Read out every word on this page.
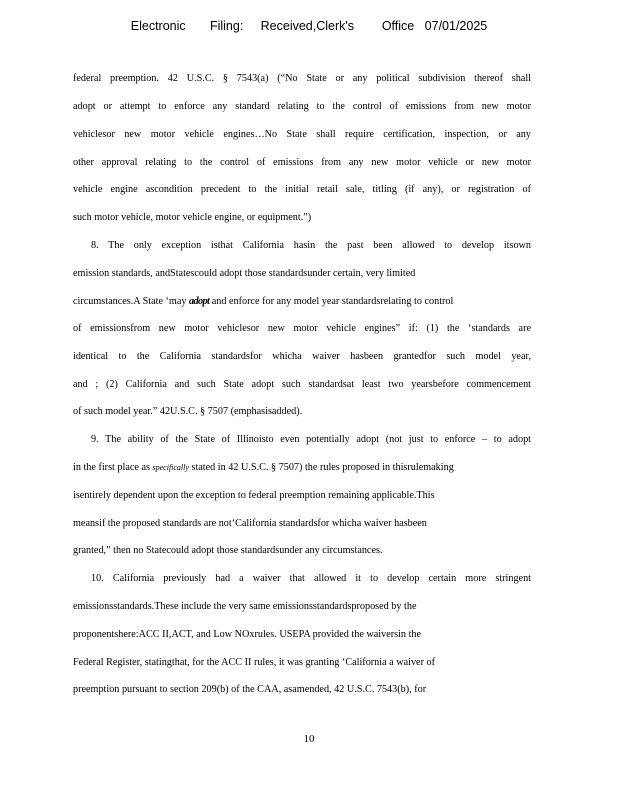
Electronic       Filing:     Received,Clerk's        Office   07/01/2025
federal preemption. 42 U.S.C. § 7543(a) (“No State or any political subdivision thereof shall
adopt or attempt to enforce any standard relating to the control of emissions from new motor
vehiclesor new motor vehicle engines…No State shall require certification, inspection, or any
other approval relating to the control of emissions from any new motor vehicle or new motor
vehicle engine ascondition precedent to the initial retail sale, titling (if any), or registration of
such motor vehicle, motor vehicle engine, or equipment.”)
8. The only exception isthat California hasin the past been allowed to develop itsown
emission standards, andStatescould adopt those standardsunder certain, very limited
circumstances.A State ‘may adopt and enforce for any model year standardsrelating to control
of emissionsfrom new motor vehiclesor new motor vehicle engines” if: (1) the ‘standards are
identical to the California standardsfor whicha waiver hasbeen grantedfor such model year,
and ; (2) California and such State adopt such standardsat least two yearsbefore commencement
of such model year.” 42U.S.C. § 7507 (emphasisadded).
9. The ability of the State of Illinoisto even potentially adopt (not just to enforce – to adopt
in the first place as specifically stated in 42 U.S.C. § 7507) the rules proposed in thisrulemaking
isentirely dependent upon the exception to federal preemption remaining applicable.This
meansif the proposed standards are not‘California standardsfor whicha waiver hasbeen
granted,” then no Statecould adopt those standardsunder any circumstances.
10. California previously had a waiver that allowed it to develop certain more stringent
emissionsstandards.These include the very same emissionsstandardsproposed by the
proponentshere:ACC II,ACT, and Low NOxrules. USEPA provided the waiversin the
Federal Register, statingthat, for the ACC II rules, it was granting ‘California a waiver of
preemption pursuant to section 209(b) of the CAA, asamended, 42 U.S.C. 7543(b), for
10
